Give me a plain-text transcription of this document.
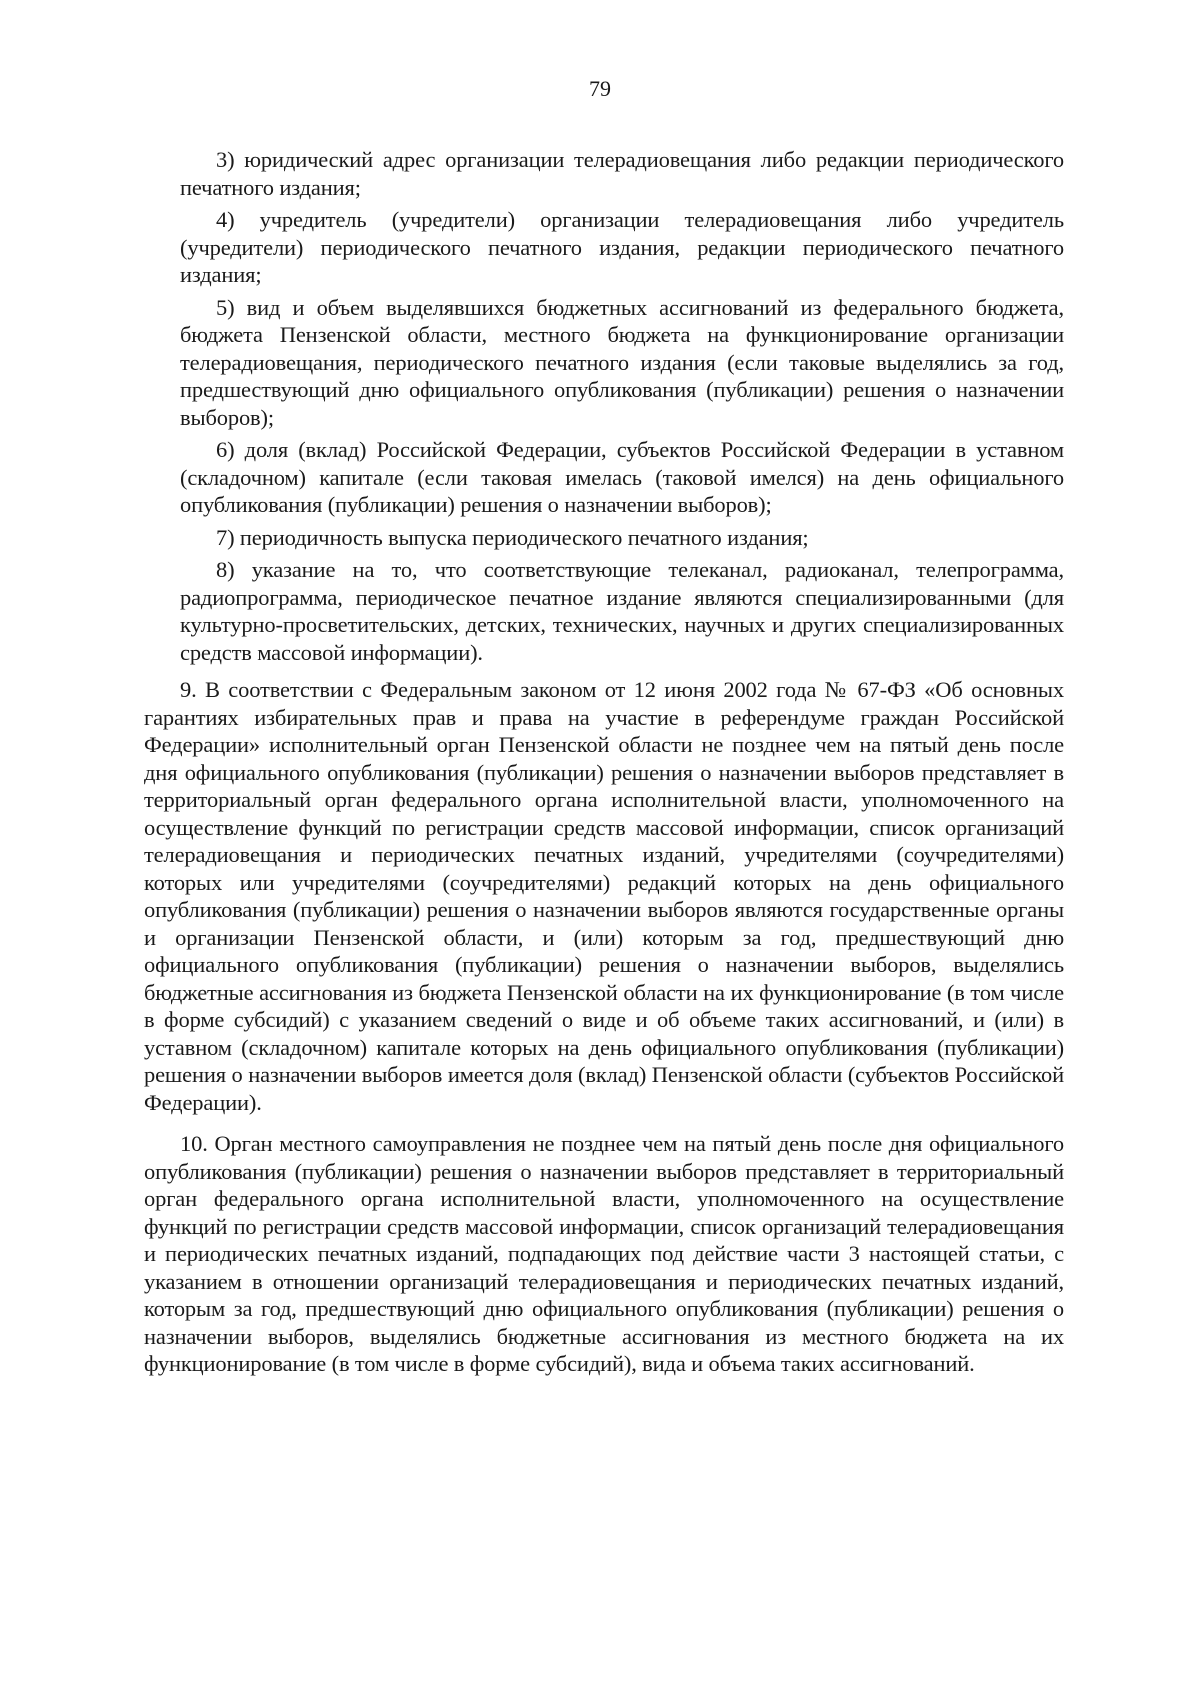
79

3) юридический адрес организации телерадиовещания либо редакции периодического печатного издания;

4) учредитель (учредители) организации телерадиовещания либо учредитель (учредители) периодического печатного издания, редакции периодического печатного издания;

5) вид и объем выделявшихся бюджетных ассигнований из федерального бюджета, бюджета Пензенской области, местного бюджета на функционирование организации телерадиовещания, периодического печатного издания (если таковые выделялись за год, предшествующий дню официального опубликования (публикации) решения о назначении выборов);

6) доля (вклад) Российской Федерации, субъектов Российской Федерации в уставном (складочном) капитале (если таковая имелась (таковой имелся) на день официального опубликования (публикации) решения о назначении выборов);

7) периодичность выпуска периодического печатного издания;

8) указание на то, что соответствующие телеканал, радиоканал, телепрограмма, радиопрограмма, периодическое печатное издание являются специализированными (для культурно-просветительских, детских, технических, научных и других специализированных средств массовой информации).

9. В соответствии с Федеральным законом от 12 июня 2002 года № 67-ФЗ «Об основных гарантиях избирательных прав и права на участие в референдуме граждан Российской Федерации» исполнительный орган Пензенской области не позднее чем на пятый день после дня официального опубликования (публикации) решения о назначении выборов представляет в территориальный орган федерального органа исполнительной власти, уполномоченного на осуществление функций по регистрации средств массовой информации, список организаций телерадиовещания и периодических печатных изданий, учредителями (соучредителями) которых или учредителями (соучредителями) редакций которых на день официального опубликования (публикации) решения о назначении выборов являются государственные органы и организации Пензенской области, и (или) которым за год, предшествующий дню официального опубликования (публикации) решения о назначении выборов, выделялись бюджетные ассигнования из бюджета Пензенской области на их функционирование (в том числе в форме субсидий) с указанием сведений о виде и об объеме таких ассигнований, и (или) в уставном (складочном) капитале которых на день официального опубликования (публикации) решения о назначении выборов имеется доля (вклад) Пензенской области (субъектов Российской Федерации).

10. Орган местного самоуправления не позднее чем на пятый день после дня официального опубликования (публикации) решения о назначении выборов представляет в территориальный орган федерального органа исполнительной власти, уполномоченного на осуществление функций по регистрации средств массовой информации, список организаций телерадиовещания и периодических печатных изданий, подпадающих под действие части 3 настоящей статьи, с указанием в отношении организаций телерадиовещания и периодических печатных изданий, которым за год, предшествующий дню официального опубликования (публикации) решения о назначении выборов, выделялись бюджетные ассигнования из местного бюджета на их функционирование (в том числе в форме субсидий), вида и объема таких ассигнований.
